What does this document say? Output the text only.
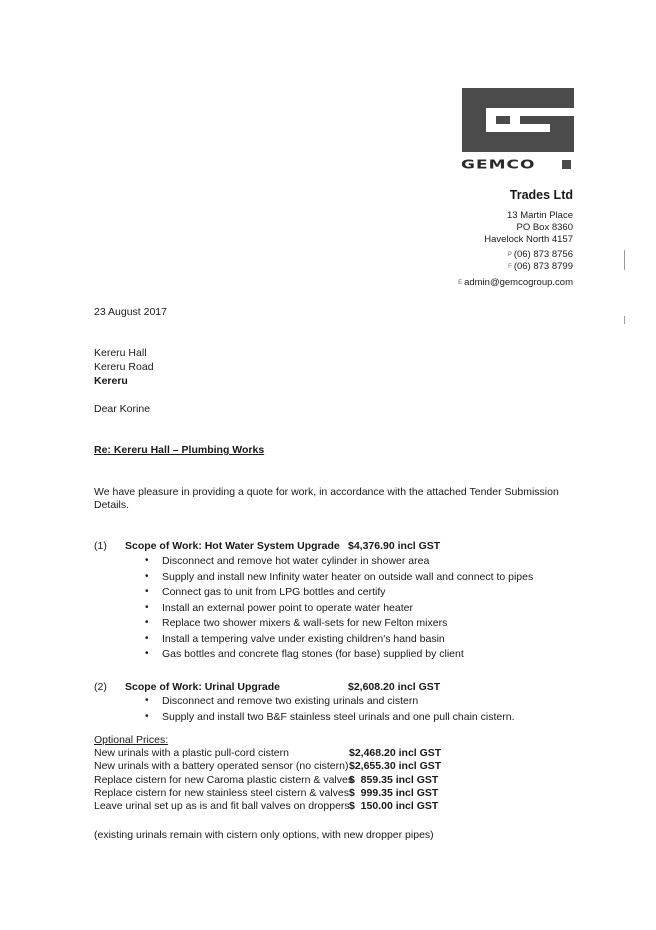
GEMCO
Trades Ltd
13 Martin Place
PO Box 8360
Havelock North 4157
P (06) 873 8756
F (06) 873 8799
E admin@gemcogroup.com
23 August 2017
Kereru Hall
Kereru Road
Kereru
Dear Korine
Re: Kereru Hall – Plumbing Works
We have pleasure in providing a quote for work, in accordance with the attached Tender Submission
Details.
(1) Scope of Work: Hot Water System Upgrade $4,376.90 incl GST
• Disconnect and remove hot water cylinder in shower area
• Supply and install new Infinity water heater on outside wall and connect to pipes
• Connect gas to unit from LPG bottles and certify
• Install an external power point to operate water heater
• Replace two shower mixers & wall-sets for new Felton mixers
• Install a tempering valve under existing children's hand basin
• Gas bottles and concrete flag stones (for base) supplied by client
(2) Scope of Work: Urinal Upgrade	$2,608.20 incl GST
• Disconnect and remove two existing urinals and cistern
• Supply and install two B&F stainless steel urinals and one pull chain cistern.
Optional Prices:
New urinals with a plastic pull-cord cistern	$2,468.20 incl GST
New urinals with a battery operated sensor (no cistern) $2,655.30 incl GST
Replace cistern for new Caroma plastic cistern & valves
$  859.35 incl GST
Replace cistern for new stainless steel cistern & valves $  999.35 incl GST
Leave urinal set up as is and fit ball valves on droppers $  150.00 incl GST
(existing urinals remain with cistern only options, with new dropper pipes)
